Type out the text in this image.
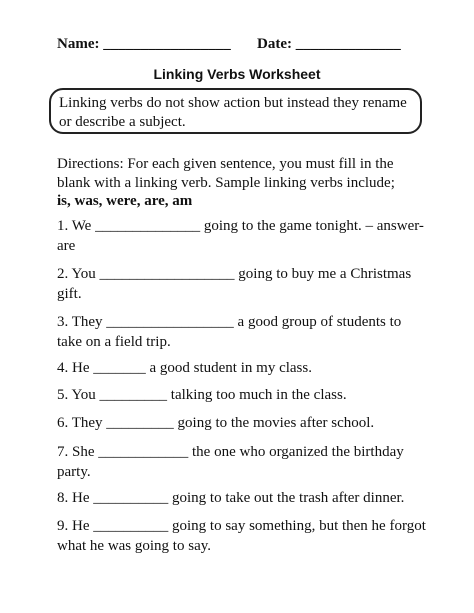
Name: _________________ Date: ______________
Linking Verbs Worksheet
Linking verbs do not show action but instead they rename or describe a subject.
Directions: For each given sentence, you must fill in the blank with a linking verb. Sample linking verbs include;
is, was, were, are, am
1. We ______________ going to the game tonight. – answer- are
2. You __________________ going to buy me a Christmas gift.
3. They _________________ a good group of students to take on a field trip.
4. He _______ a good student in my class.
5. You _________ talking too much in the class.
6. They _________ going to the movies after school.
7. She ____________ the one who organized the birthday party.
8. He __________ going to take out the trash after dinner.
9. He __________ going to say something, but then he forgot what he was going to say.
